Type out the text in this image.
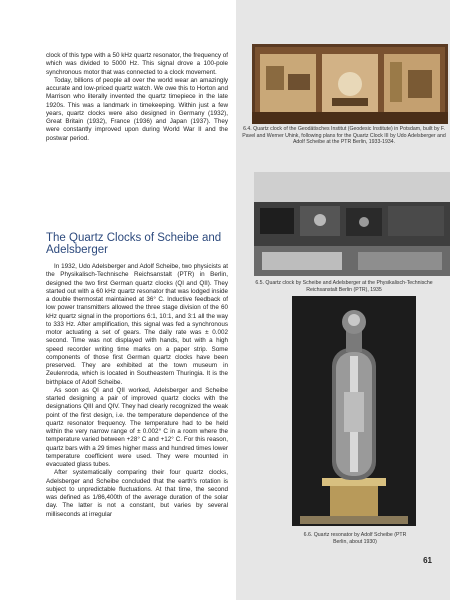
clock of this type with a 50 kHz quartz resonator, the frequency of which was divided to 5000 Hz. This signal drove a 100-pole synchronous motor that was connected to a clock movement.

Today, billions of people all over the world wear an amazingly accurate and low-priced quartz watch. We owe this to Horton and Marrison who literally invented the quartz timepiece in the late 1920s. This was a landmark in timekeeping. Within just a few years, quartz clocks were also designed in Germany (1932), Great Britain (1932), France (1936) and Japan (1937). They were constantly improved upon during World War II and the postwar period.

The Quartz Clocks of Scheibe and Adelsberger

In 1932, Udo Adelsberger and Adolf Scheibe, two physicists at the Physikalisch-Technische Reichsanstalt (PTR) in Berlin, designed the two first German quartz clocks (QI and QII). They started out with a 60 kHz quartz resonator that was lodged inside a double thermostat maintained at 36° C. Inductive feedback of low power transmitters allowed the three stage division of the 60 kHz quartz signal in the proportions 6:1, 10:1, and 3:1 all the way to 333 Hz. After amplification, this signal was fed a synchronous motor actuating a set of gears. The daily rate was ± 0.002 second. Time was not displayed with hands, but with a high speed recorder writing time marks on a paper strip. Some components of those first German quartz clocks have been preserved. They are exhibited at the town museum in Zeulenroda, which is located in Southeastern Thuringia. It is the birthplace of Adolf Scheibe.

As soon as QI and QII worked, Adelsberger and Scheibe started designing a pair of improved quartz clocks with the designations QIII and QIV. They had clearly recognized the weak point of the first design, i.e. the temperature dependence of the quartz resonator frequency. The temperature had to be held within the very narrow range of ± 0.002° C in a room where the temperature varied between +28° C and +12° C. For this reason, quartz bars with a 29 times higher mass and hundred times lower temperature coefficient were used. They were mounted in evacuated glass tubes.

After systematically comparing their four quartz clocks, Adelsberger and Scheibe concluded that the earth's rotation is subject to unpredictable fluctuations. At that time, the second was defined as 1/86,400th of the average duration of the solar day. The latter is not a constant, but varies by several milliseconds at irregular

6.4. Quartz clock of the Geodätisches Institut (Geodesic Institute) in Potsdam, built by F. Pavel and Werner Uhink, following plans for the Quartz Clock III by Udo Adelsberger and Adolf Scheibe at the PTR Berlin, 1933-1934.
6.5. Quartz clock by Scheibe and Adelsberger at the Physikalisch-Technische Reichsanstalt Berlin (PTR), 1935
6.6. Quartz resonator by Adolf Scheibe (PTR Berlin, about 1930)
61
